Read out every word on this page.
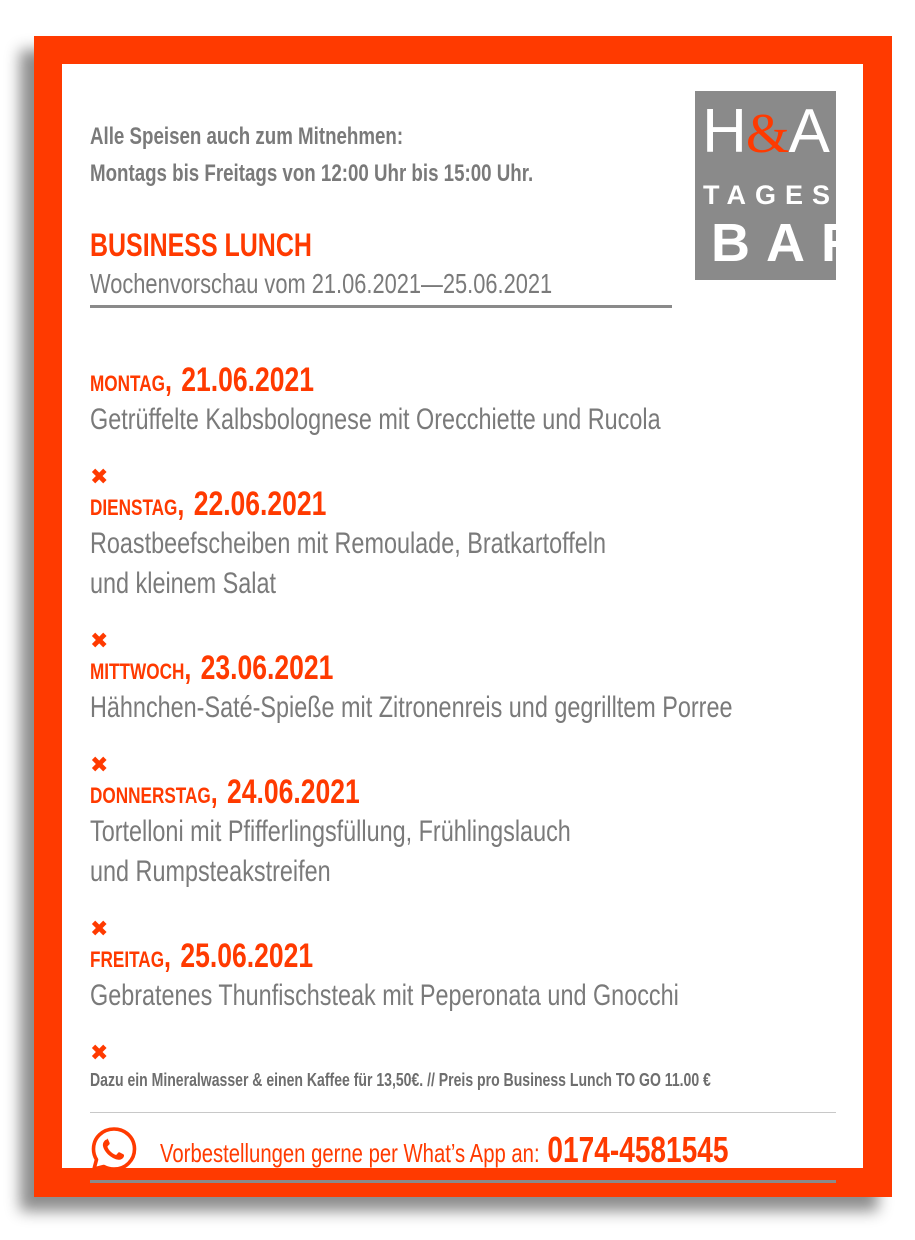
Alle Speisen auch zum Mitnehmen:
Montags bis Freitags von 12:00 Uhr bis 15:00 Uhr.
BUSINESS LUNCH
Wochenvorschau vom 21.06.2021—25.06.2021
H&A
TAGES
BAR
MONTAG, 21.06.2021
Getrüffelte Kalbsbolognese mit Orecchiette und Rucola
✖
DIENSTAG, 22.06.2021
Roastbeefscheiben mit Remoulade, Bratkartoffeln
und kleinem Salat
✖
MITTWOCH, 23.06.2021
Hähnchen-Saté-Spieße mit Zitronenreis und gegrilltem Porree
✖
DONNERSTAG, 24.06.2021
Tortelloni mit Pfifferlingsfüllung, Frühlingslauch
und Rumpsteakstreifen
✖
FREITAG, 25.06.2021
Gebratenes Thunfischsteak mit Peperonata und Gnocchi
✖
Dazu ein Mineralwasser & einen Kaffee für 13,50€. // Preis pro Business Lunch TO GO 11.00 €
Vorbestellungen gerne per What’s App an: 0174-4581545
